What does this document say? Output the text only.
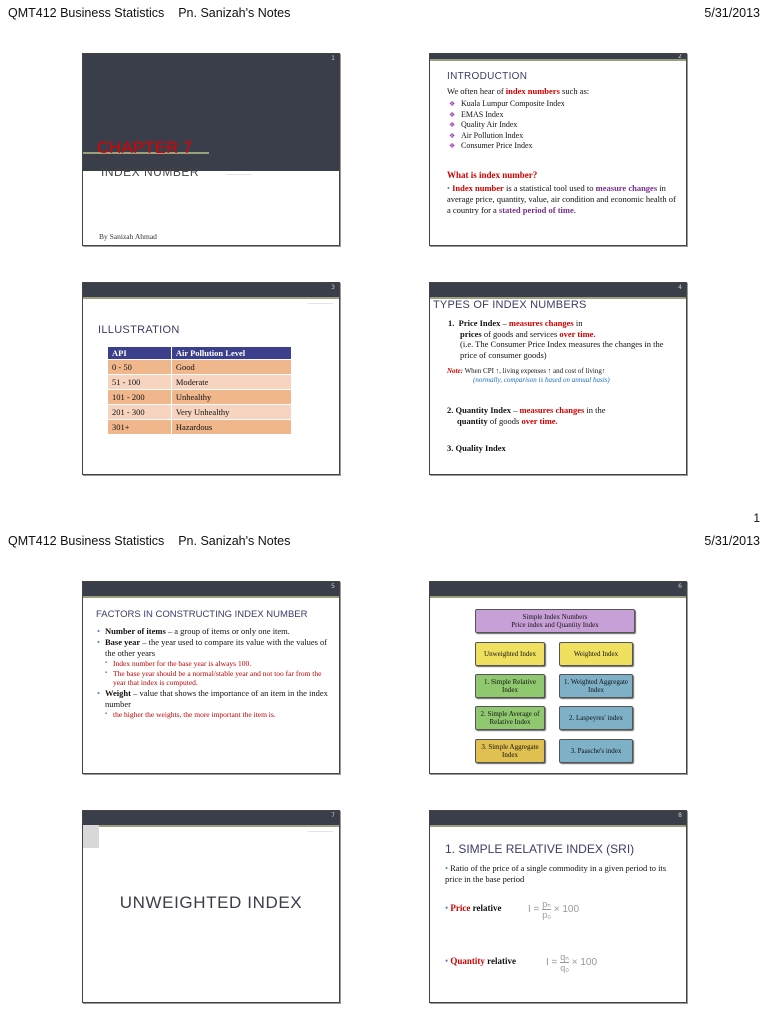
QMT412 Business Statistics Pn. Sanizah's Notes	5/31/2013
1
CHAPTER 7
INDEX NUMBER	~~~~~~~~~~~
By Sanizah Ahmad
2
INTRODUCTION
We often hear of index numbers such as:
❖ Kuala Lumpur Composite Index
❖ EMAS Index
❖ Quality Air Index
❖ Air Pollution Index
❖ Consumer Price Index
What is index number?
• Index number is a statistical tool used to measure changes in average price, quantity, value, air condition and economic health of a country for a stated period of time.
3
~~~~~~~~~~~
ILLUSTRATION
API	Air Pollution Level
0 - 50	Good
51 - 100	Moderate
101 - 200	Unhealthy
201 - 300	Very Unhealthy
301+	Hazardous
4
TYPES OF INDEX NUMBERS
1. Price Index – measures changes in
prices of goods and services over time.

(i.e. The Consumer Price Index measures the changes in the price of consumer goods)
Note: When CPI ↑, living expenses ↑ and cost of living↑
(normally, comparison is based on annual basis)
2. Quantity Index – measures changes in the
quantity of goods over time.
3. Quality Index
1
QMT412 Business Statistics Pn. Sanizah's Notes	5/31/2013
5
FACTORS IN CONSTRUCTING INDEX NUMBER
• Number of items – a group of items or only one item.
• Base year – the year used to compare its value with the values of the other years
▪ Index number for the base year is always 100.
▪ The base year should be a normal/stable year and not too far from the year that index is computed.
• Weight – value that shows the importance of an item in the index number
▪ the higher the weights, the more important the item is.
6
Simple Index Numbers
Price index and Quantity Index
Unweighted Index	Weighted Index
1. Simple Relative Index
1. Weighted Aggregate Index
2. Simple Average of Relative Index	2. Laspeyres' index
3. Simple Aggregate Index	3. Paasche's index
7
~~~~~~~~~~~
UNWEIGHTED INDEX
8
1. SIMPLE RELATIVE INDEX (SRI)
• Ratio of the price of a single commodity in a given period to its price in the base period
• Price relative	$I = \frac{\text{pₙ}}{\text{p₀}} \times 100$
• Quantity relative	$I = \frac{\text{qₙ}}{\text{q₀}} \times 100$
